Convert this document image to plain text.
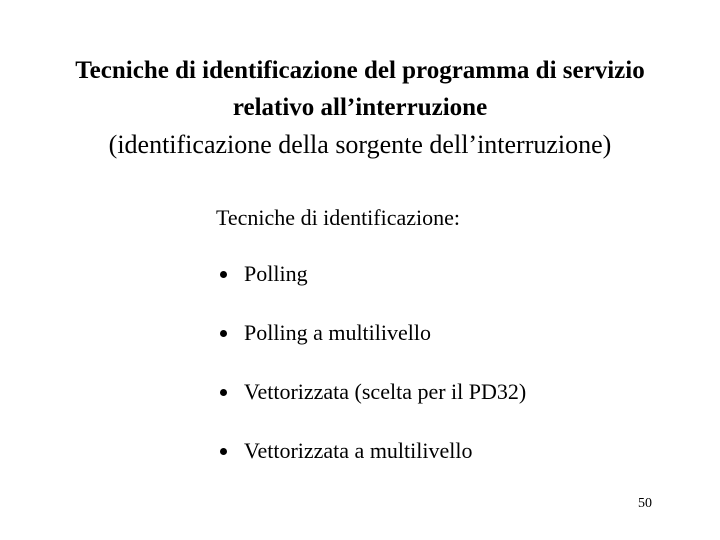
Tecniche di identificazione del programma di servizio
relativo all’interruzione
(identificazione della sorgente dell’interruzione)
Tecniche di identificazione:
Polling
Polling a multilivello
Vettorizzata (scelta per il PD32)
Vettorizzata a multilivello
50
